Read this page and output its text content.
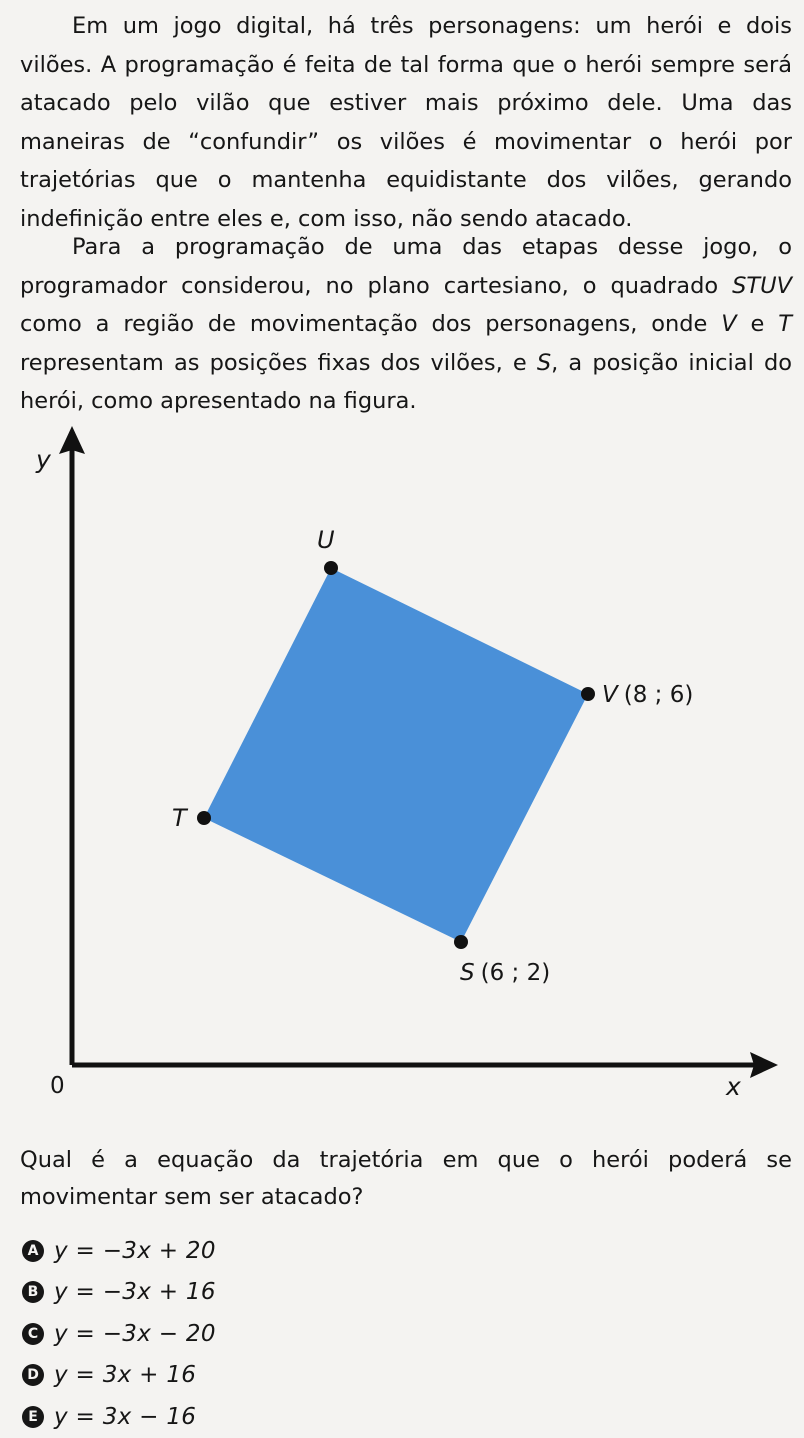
Em um jogo digital, há três personagens: um herói e dois vilões. A programação é feita de tal forma que o herói sempre será atacado pelo vilão que estiver mais próximo dele. Uma das maneiras de “confundir” os vilões é movimentar o herói por trajetórias que o mantenha equidistante dos vilões, gerando indefinição entre eles e, com isso, não sendo atacado.

Para a programação de uma das etapas desse jogo, o programador considerou, no plano cartesiano, o quadrado STUV como a região de movimentação dos personagens, onde V e T representam as posições fixas dos vilões, e S, a posição inicial do herói, como apresentado na figura.

y
x
0
U
T
V (8 ; 6)
S (6 ; 2)

Qual é a equação da trajetória em que o herói poderá se movimentar sem ser atacado?

A y = −3x + 20
B y = −3x + 16
C y = −3x − 20
D y = 3x + 16
E y = 3x − 16
